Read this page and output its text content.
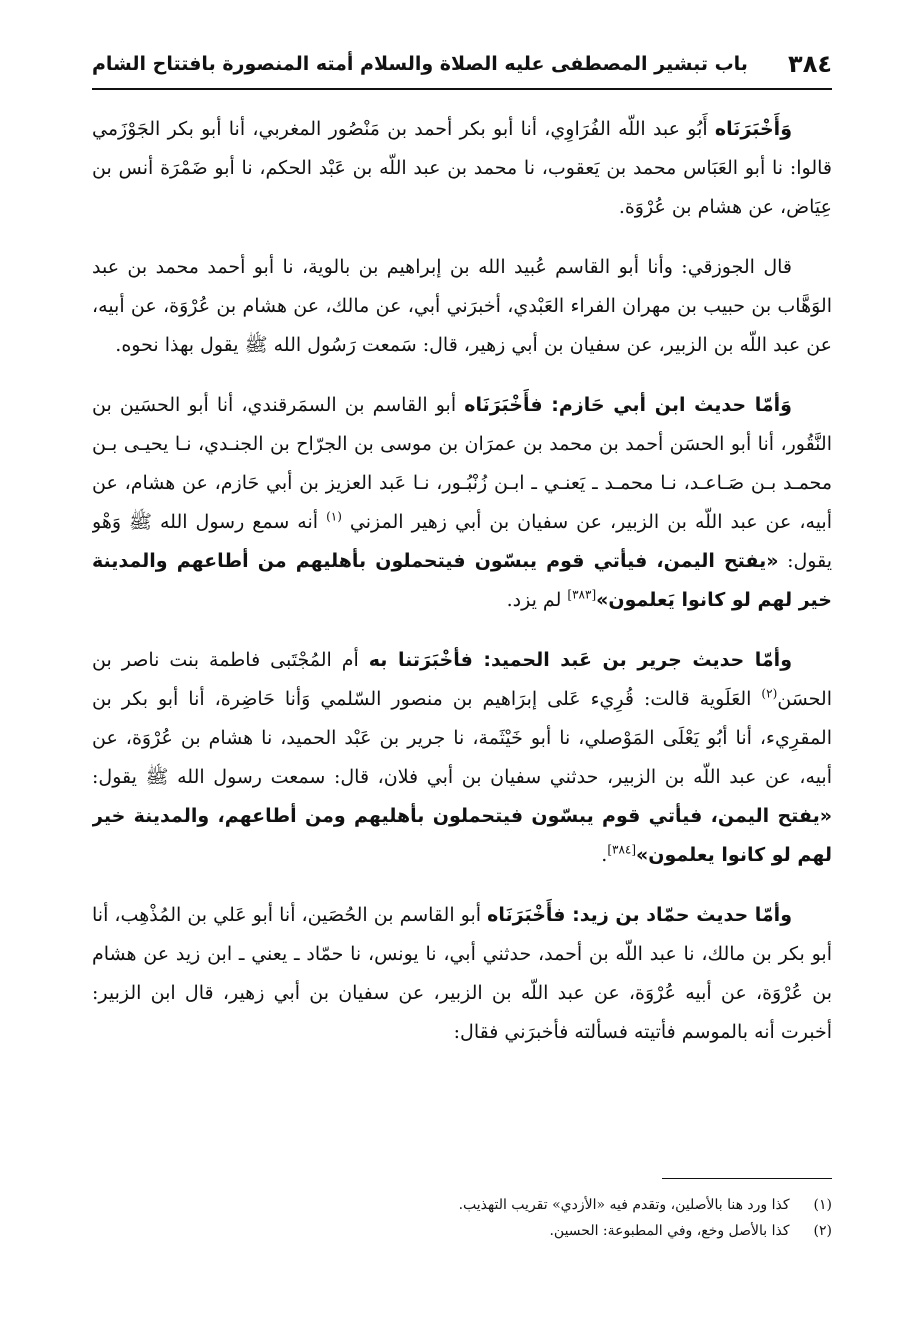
٣٨٤
باب تبشير المصطفى عليه الصلاة والسلام أمته المنصورة بافتتاح الشام

وَأَخْبَرَنَاه أَبُو عبد اللّه الفُرَاوِي، أنا أبو بكر أحمد بن مَنْصُور المغربي، أنا أبو بكر الجَوْزَمي قالوا: نا أبو العَبَاس محمد بن يَعقوب، نا محمد بن عبد اللّه بن عَبْد الحكم، نا أبو ضَمْرَة أنس بن عِيَاض، عن هشام بن عُرْوَة.

قال الجوزقي: وأنا أبو القاسم عُبيد الله بن إبراهيم بن بالوية، نا أبو أحمد محمد بن عبد الوَهَّاب بن حبيب بن مهران الفراء العَبْدي، أخبرَني أبي، عن مالك، عن هشام بن عُرْوَة، عن أبيه، عن عبد اللّه بن الزبير، عن سفيان بن أبي زهير، قال: سَمعت رَسُول الله ﷺ يقول بهذا نحوه.

وَأمّا حديث ابن أبي حَازم: فأَخْبَرَنَاه أبو القاسم بن السمَرقندي، أنا أبو الحسَين بن النَّقُور، أنا أبو الحسَن أحمد بن محمد بن عمرَان بن موسى بن الجرّاح بن الجنـدي، نـا يحيـى بـن محمـد بـن صَـاعـد، نـا محمـد ـ يَعنـي ـ ابـن زُنْبُـور، نـا عَبد العزيز بن أبي حَازم، عن هشام، عن أبيه، عن عبد اللّه بن الزبير، عن سفيان بن أبي زهير المزني $^{(١)}$ أنه سمع رسول الله ﷺ وَهْو يقول: «يفتح اليمن، فيأتي قوم يبسّون فيتحملون بأهليهم من أطاعهم والمدينة خير لهم لو كانوا يَعلمون»[٣٨٣] لم يزد.

وأمّا حديث جرير بن عَبد الحميد: فأخْبَرَتنا به أم المُجْتَبى فاطمة بنت ناصر بن الحسَن$^{(٢)}$ العَلَوية قالت: قُرِيء عَلى إبرَاهيم بن منصور السّلمي وَأنا حَاضِرة، أنا أبو بكر بن المقرِيء، أنا أبُو يَعْلَى المَوْصلي، نا أبو خَيْثَمة، نا جرير بن عَبْد الحميد، نا هشام بن عُرْوَة، عن أبيه، عن عبد اللّه بن الزبير، حدثني سفيان بن أبي فلان، قال: سمعت رسول الله ﷺ يقول: «يفتح اليمن، فيأتي قوم يبسّون فيتحملون بأهليهم ومن أطاعهم، والمدينة خير لهم لو كانوا يعلمون»[٣٨٤].

وأمّا حديث حمّاد بن زيد: فأَخْبَرَنَاه أبو القاسم بن الحُصَين، أنا أبو عَلي بن المُذْهِب، أنا أبو بكر بن مالك، نا عبد اللّه بن أحمد، حدثني أبي، نا يونس، نا حمّاد ـ يعني ـ ابن زيد عن هشام بن عُرْوَة، عن أبيه عُرْوَة، عن عبد اللّه بن الزبير، عن سفيان بن أبي زهير، قال ابن الزبير: أخبرت أنه بالموسم فأتيته فسألته فأخبرَني فقال:

(١) كذا ورد هنا بالأصلين، وتقدم فيه «الأزدي» تقريب التهذيب.
(٢) كذا بالأصل وخ‍ع، وفي المطبوعة: الحسين.
